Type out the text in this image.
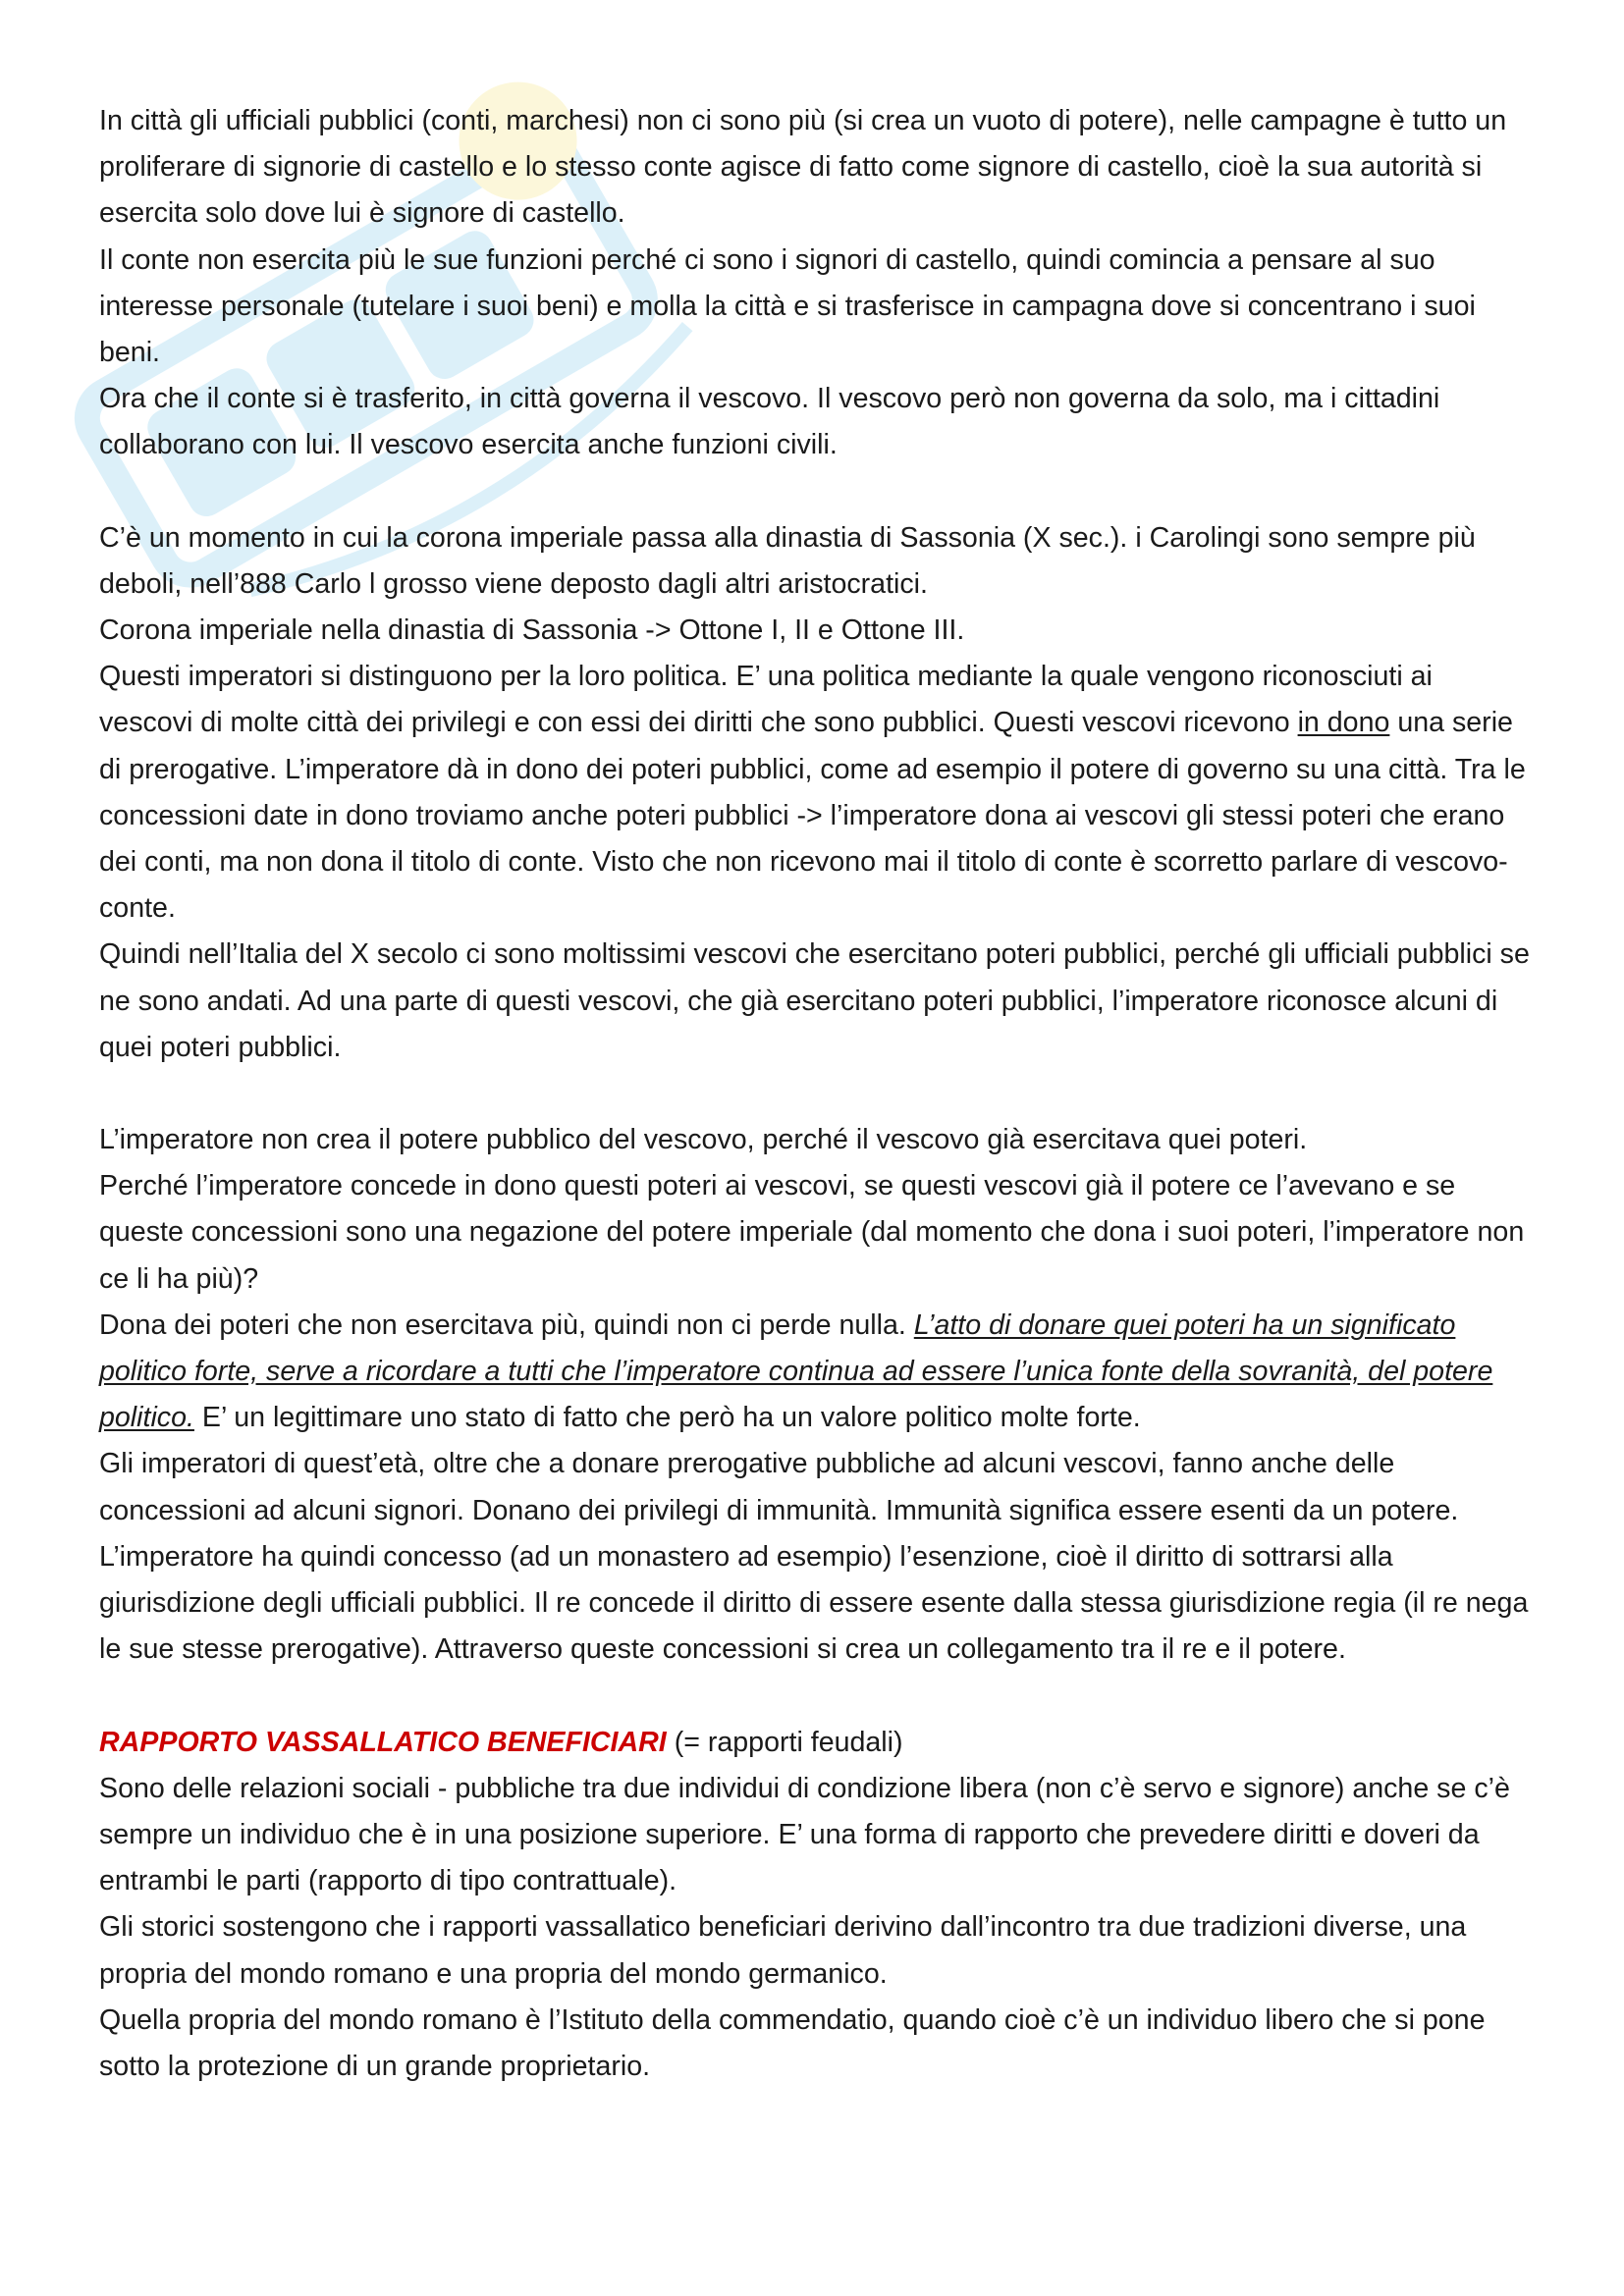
In città gli ufficiali pubblici (conti, marchesi) non ci sono più (si crea un vuoto di potere), nelle campagne è tutto un proliferare di signorie di castello e lo stesso conte agisce di fatto come signore di castello, cioè la sua autorità si esercita solo dove lui è signore di castello.

Il conte non esercita più le sue funzioni perché ci sono i signori di castello, quindi comincia a pensare al suo interesse personale (tutelare i suoi beni) e molla la città e si trasferisce in campagna dove si concentrano i suoi beni.

Ora che il conte si è trasferito, in città governa il vescovo. Il vescovo però non governa da solo, ma i cittadini collaborano con lui. Il vescovo esercita anche funzioni civili.

C’è un momento in cui la corona imperiale passa alla dinastia di Sassonia (X sec.). i Carolingi sono sempre più deboli, nell’888 Carlo l grosso viene deposto dagli altri aristocratici.

Corona imperiale nella dinastia di Sassonia -> Ottone I, II e Ottone III.

Questi imperatori si distinguono per la loro politica. E’ una politica mediante la quale vengono riconosciuti ai vescovi di molte città dei privilegi e con essi dei diritti che sono pubblici. Questi vescovi ricevono in dono una serie di prerogative. L’imperatore dà in dono dei poteri pubblici, come ad esempio il potere di governo su una città. Tra le concessioni date in dono troviamo anche poteri pubblici -> l’imperatore dona ai vescovi gli stessi poteri che erano dei conti, ma non dona il titolo di conte. Visto che non ricevono mai il titolo di conte è scorretto parlare di vescovo-conte.

Quindi nell’Italia del X secolo ci sono moltissimi vescovi che esercitano poteri pubblici, perché gli ufficiali pubblici se ne sono andati. Ad una parte di questi vescovi, che già esercitano poteri pubblici, l’imperatore riconosce alcuni di quei poteri pubblici.

L’imperatore non crea il potere pubblico del vescovo, perché il vescovo già esercitava quei poteri.

Perché l’imperatore concede in dono questi poteri ai vescovi, se questi vescovi già il potere ce l’avevano e se queste concessioni sono una negazione del potere imperiale (dal momento che dona i suoi poteri, l’imperatore non ce li ha più)?

Dona dei poteri che non esercitava più, quindi non ci perde nulla. L’atto di donare quei poteri ha un significato politico forte, serve a ricordare a tutti che l’imperatore continua ad essere l’unica fonte della sovranità, del potere politico. E’ un legittimare uno stato di fatto che però ha un valore politico molte forte.

Gli imperatori di quest’età, oltre che a donare prerogative pubbliche ad alcuni vescovi, fanno anche delle concessioni ad alcuni signori. Donano dei privilegi di immunità. Immunità significa essere esenti da un potere. L’imperatore ha quindi concesso (ad un monastero ad esempio) l’esenzione, cioè il diritto di sottrarsi alla giurisdizione degli ufficiali pubblici. Il re concede il diritto di essere esente dalla stessa giurisdizione regia (il re nega le sue stesse prerogative). Attraverso queste concessioni si crea un collegamento tra il re e il potere.

RAPPORTO VASSALLATICO BENEFICIARI (= rapporti feudali)

Sono delle relazioni sociali - pubbliche tra due individui di condizione libera (non c’è servo e signore) anche se c’è sempre un individuo che è in una posizione superiore. E’ una forma di rapporto che prevedere diritti e doveri da entrambi le parti (rapporto di tipo contrattuale).

Gli storici sostengono che i rapporti vassallatico beneficiari derivino dall’incontro tra due tradizioni diverse, una propria del mondo romano e una propria del mondo germanico.

Quella propria del mondo romano è l’Istituto della commendatio, quando cioè c’è un individuo libero che si pone sotto la protezione di un grande proprietario.
